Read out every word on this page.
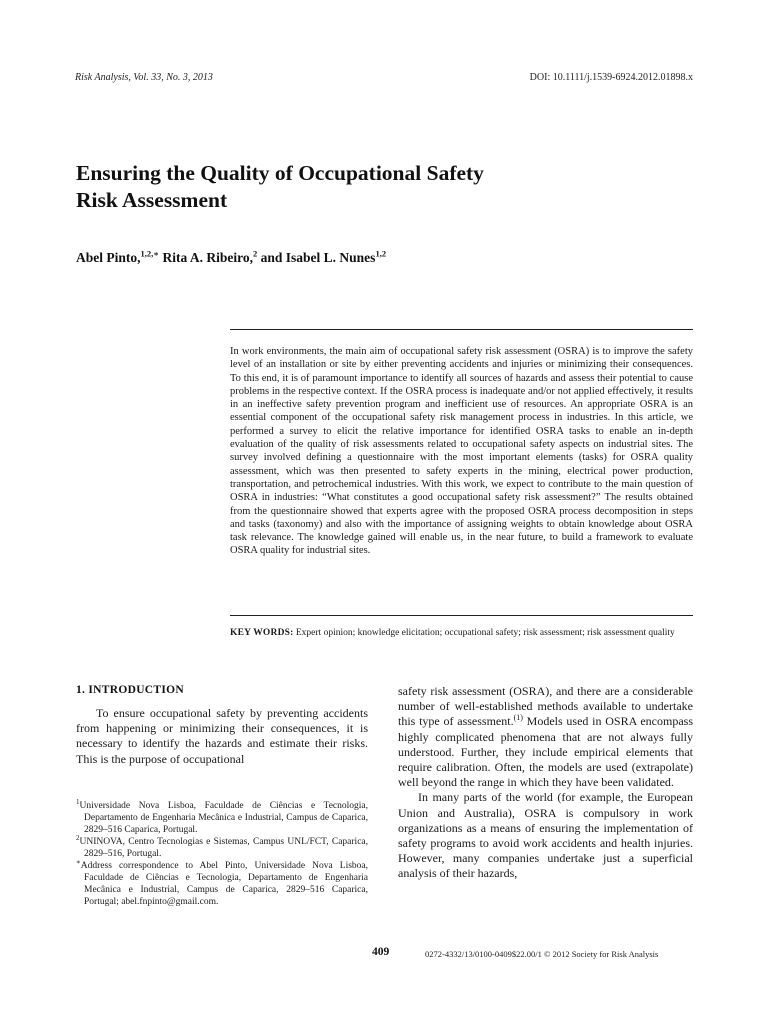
Risk Analysis, Vol. 33, No. 3, 2013	DOI: 10.1111/j.1539-6924.2012.01898.x
Ensuring the Quality of Occupational Safety
Risk Assessment
Abel Pinto,$^{1,2,∗}$ Rita A. Ribeiro,$^2$ and Isabel L. Nunes$^{1,2}$
In work environments, the main aim of occupational safety risk assessment (OSRA) is to improve the safety level of an installation or site by either preventing accidents and injuries or minimizing their consequences. To this end, it is of paramount importance to identify all sources of hazards and assess their potential to cause problems in the respective context. If the OSRA process is inadequate and/or not applied effectively, it results in an ineffective safety prevention program and inefficient use of resources. An appropriate OSRA is an essential component of the occupational safety risk management process in industries. In this article, we performed a survey to elicit the relative importance for identified OSRA tasks to enable an in-depth evaluation of the quality of risk assessments related to occupational safety aspects on industrial sites. The survey involved defining a questionnaire with the most important elements (tasks) for OSRA quality assessment, which was then presented to safety experts in the mining, electrical power production, transportation, and petrochemical industries. With this work, we expect to contribute to the main question of OSRA in industries: “What constitutes a good occupational safety risk assessment?” The results obtained from the questionnaire showed that experts agree with the proposed OSRA process decomposition in steps and tasks (taxonomy) and also with the importance of assigning weights to obtain knowledge about OSRA task relevance. The knowledge gained will enable us, in the near future, to build a framework to evaluate OSRA quality for industrial sites.
KEY WORDS: Expert opinion; knowledge elicitation; occupational safety; risk assessment; risk assessment quality
1. INTRODUCTION

To ensure occupational safety by preventing accidents from happening or minimizing their consequences, it is necessary to identify the hazards and estimate their risks. This is the purpose of occupational

safety risk assessment (OSRA), and there are a considerable number of well-established methods available to undertake this type of assessment.$^{(1)}$ Models used in OSRA encompass highly complicated phenomena that are not always fully understood. Further, they include empirical elements that require calibration. Often, the models are used (extrapolate) well beyond the range in which they have been validated.

In many parts of the world (for example, the European Union and Australia), OSRA is compulsory in work organizations as a means of ensuring the implementation of safety programs to avoid work accidents and health injuries. However, many companies undertake just a superficial analysis of their hazards,

$^1$Universidade Nova Lisboa, Faculdade de Ciências e Tecnologia, Departamento de Engenharia Mecânica e Industrial, Campus de Caparica, 2829–516 Caparica, Portugal.

$^2$UNINOVA, Centro Tecnologias e Sistemas, Campus UNL/FCT, Caparica, 2829–516, Portugal.

∗Address correspondence to Abel Pinto, Universidade Nova Lisboa, Faculdade de Ciências e Tecnologia, Departamento de Engenharia Mecânica e Industrial, Campus de Caparica, 2829–516 Caparica, Portugal; abel.fnpinto@gmail.com.

409	0272-4332/13/0100-0409$22.00/1 © 2012 Society for Risk Analysis
